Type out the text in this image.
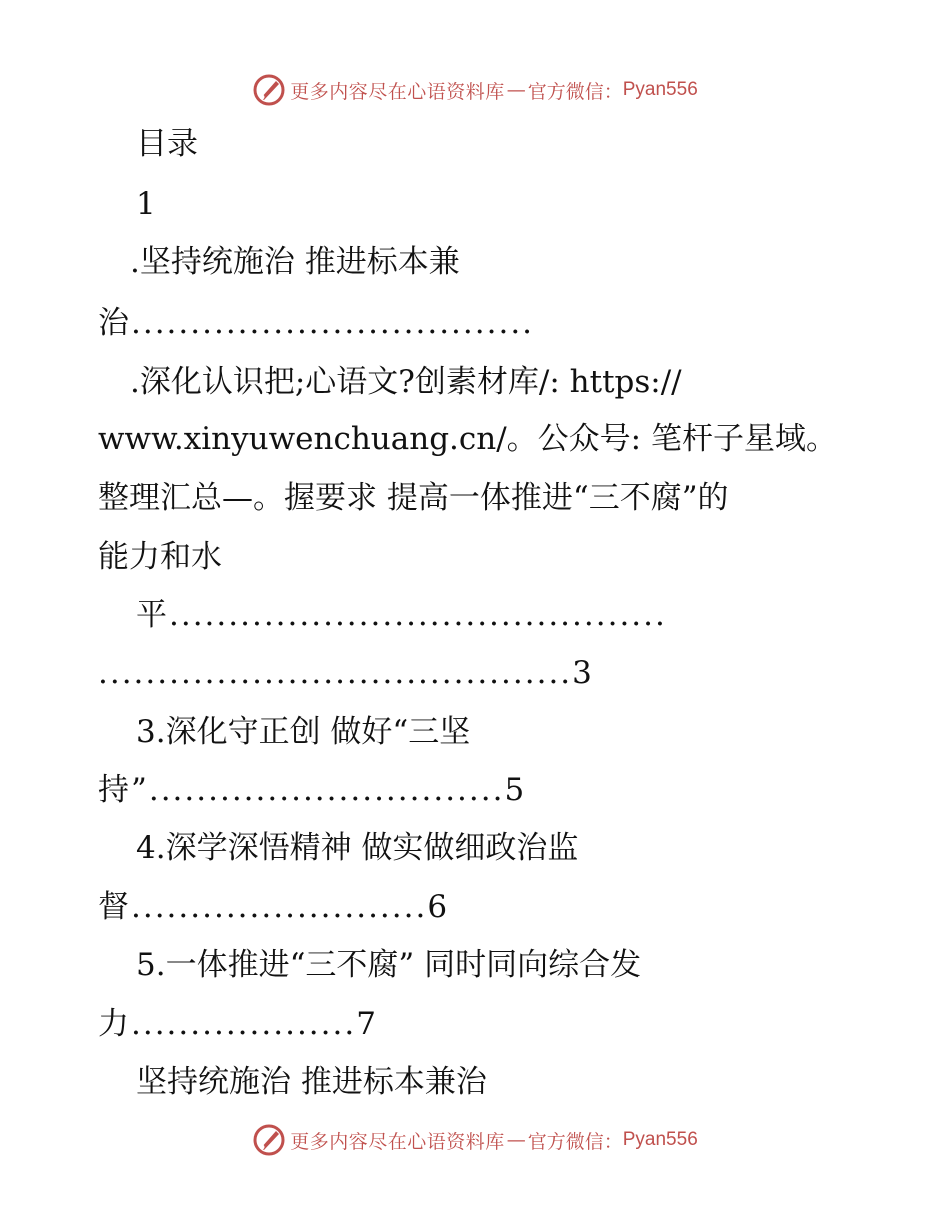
更多内容尽在心语资料库 — 官方微信： Pyan556
目录
1
.坚持统施治 推进标本兼
治..................................
.深化认识把;心语文?创素材库/: https://
www.xinyuwenchuang.cn/。公众号: 笔杆子星域。
整理汇总—。握要求 提高一体推进“三不腐”的
能力和水
平..........................................
........................................3
3.深化守正创 做好“三坚
持”..............................5
4.深学深悟精神 做实做细政治监
督.........................6
5.一体推进“三不腐” 同时同向综合发
力...................7
坚持统施治 推进标本兼治
更多内容尽在心语资料库 — 官方微信： Pyan556
